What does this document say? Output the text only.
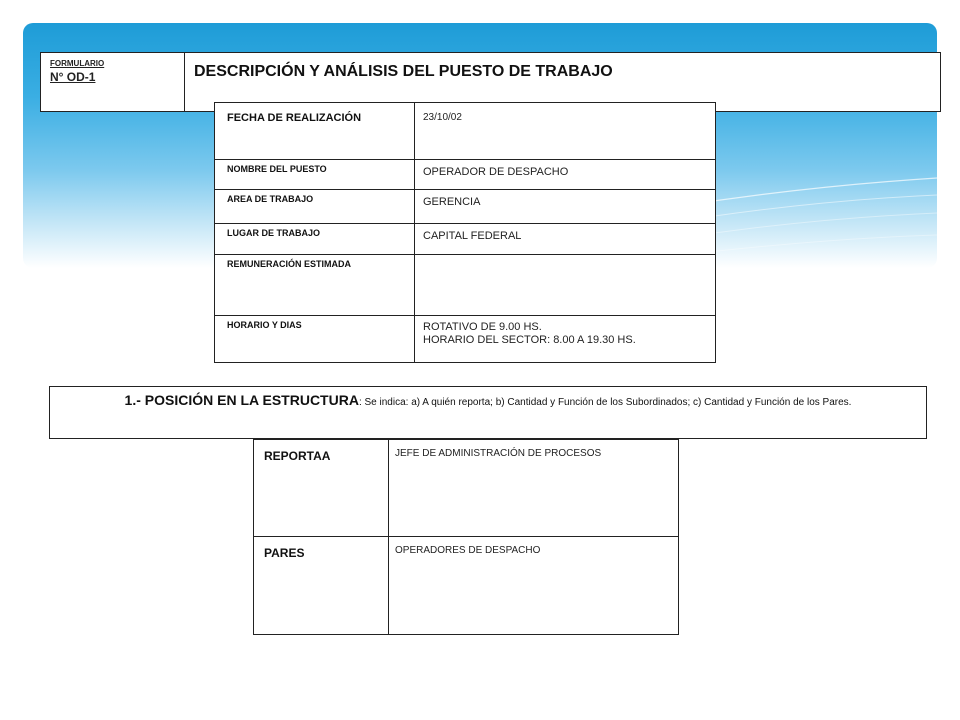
FORMULARIO
N° OD-1	DESCRIPCIÓN Y ANÁLISIS DEL PUESTO DE TRABAJO
FECHA DE REALIZACIÓN	23/10/02
NOMBRE DEL PUESTO	OPERADOR DE DESPACHO
AREA DE TRABAJO	GERENCIA
LUGAR DE TRABAJO	CAPITAL FEDERAL
REMUNERACIÓN ESTIMADA	
HORARIO Y DIAS	ROTATIVO DE 9.00 HS.
HORARIO DEL SECTOR: 8.00 A 19.30 HS.
1.- POSICIÓN EN LA ESTRUCTURA: Se indica: a) A quién reporta; b) Cantidad y Función de los Subordinados; c) Cantidad y Función de los Pares.
REPORTAA	JEFE DE ADMINISTRACIÓN DE PROCESOS
PARES	OPERADORES DE DESPACHO
